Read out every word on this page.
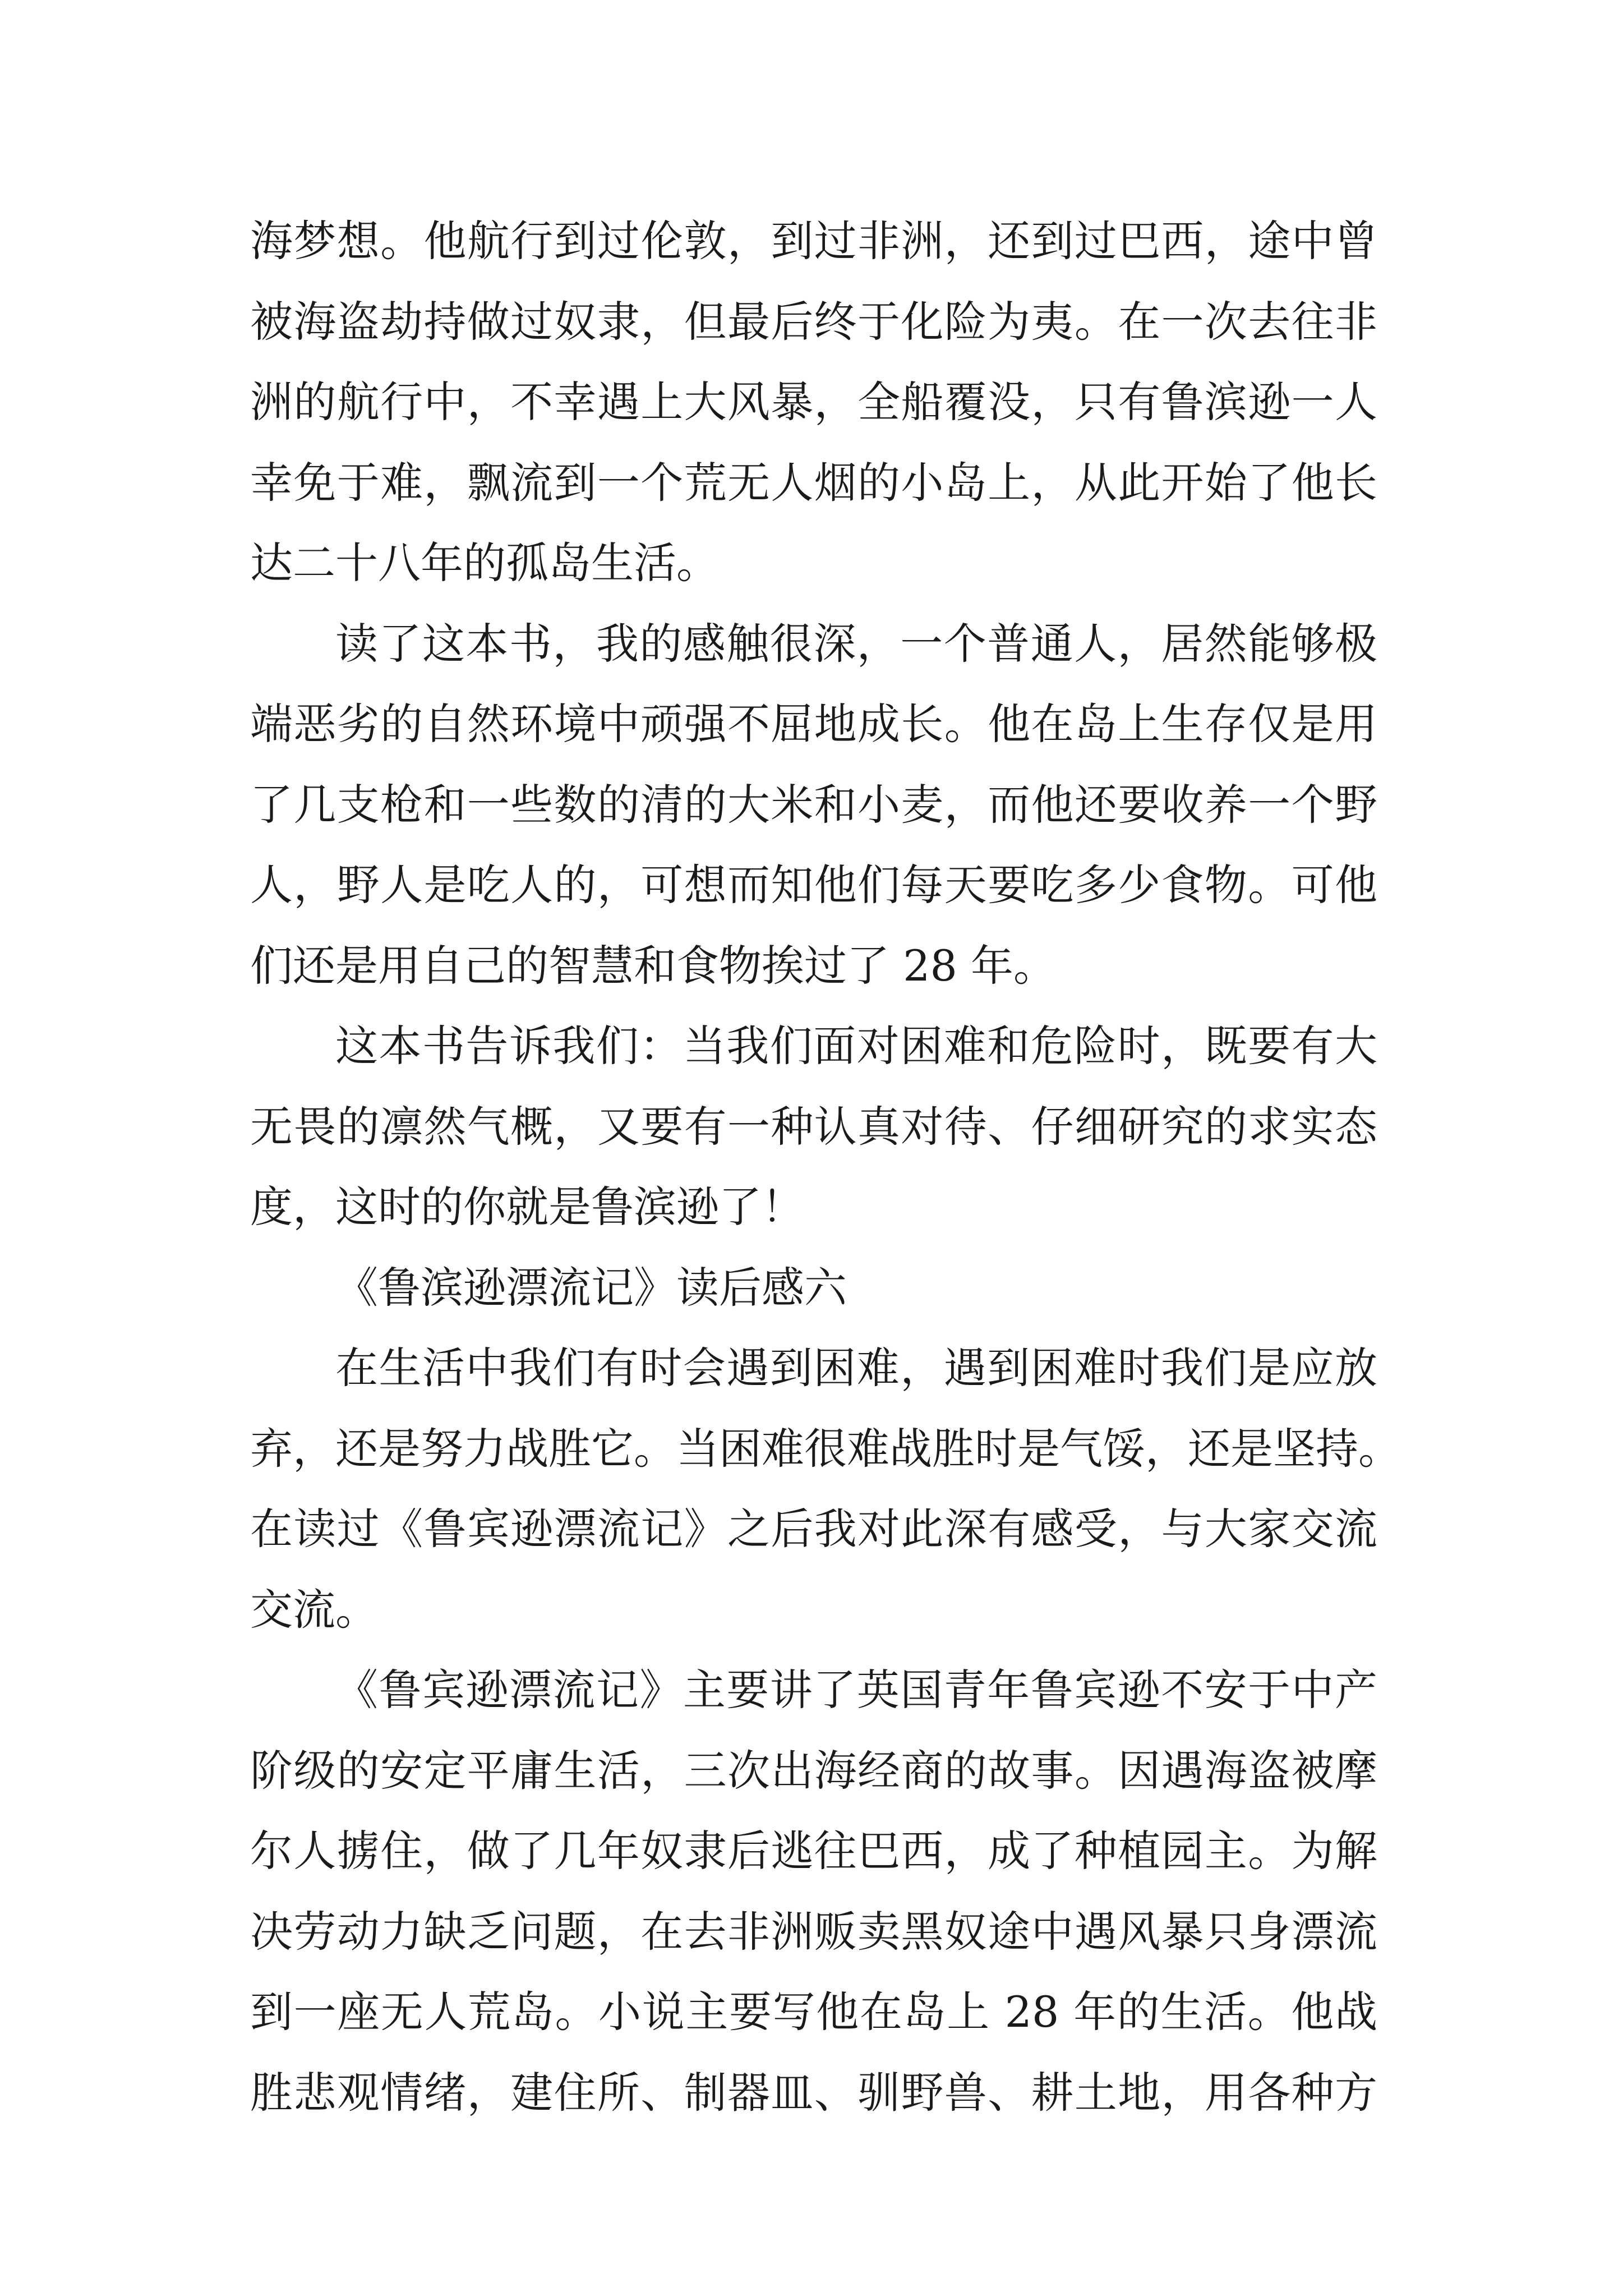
海梦想。他航行到过伦敦，到过非洲，还到过巴西，途中曾
被海盗劫持做过奴隶，但最后终于化险为夷。在一次去往非
洲的航行中，不幸遇上大风暴，全船覆没，只有鲁滨逊一人
幸免于难，飘流到一个荒无人烟的小岛上，从此开始了他长
达二十八年的孤岛生活。
读了这本书，我的感触很深，一个普通人，居然能够极
端恶劣的自然环境中顽强不屈地成长。他在岛上生存仅是用
了几支枪和一些数的清的大米和小麦，而他还要收养一个野
人，野人是吃人的，可想而知他们每天要吃多少食物。可他
们还是用自己的智慧和食物挨过了 28 年。
这本书告诉我们：当我们面对困难和危险时，既要有大
无畏的凛然气概，又要有一种认真对待、仔细研究的求实态
度，这时的你就是鲁滨逊了！
《鲁滨逊漂流记》读后感六
在生活中我们有时会遇到困难，遇到困难时我们是应放
弃，还是努力战胜它。当困难很难战胜时是气馁，还是坚持。
在读过《鲁宾逊漂流记》之后我对此深有感受，与大家交流
交流。
《鲁宾逊漂流记》主要讲了英国青年鲁宾逊不安于中产
阶级的安定平庸生活，三次出海经商的故事。因遇海盗被摩
尔人掳住，做了几年奴隶后逃往巴西，成了种植园主。为解
决劳动力缺乏问题，在去非洲贩卖黑奴途中遇风暴只身漂流
到一座无人荒岛。小说主要写他在岛上 28 年的生活。他战
胜悲观情绪，建住所、制器皿、驯野兽、耕土地，用各种方
